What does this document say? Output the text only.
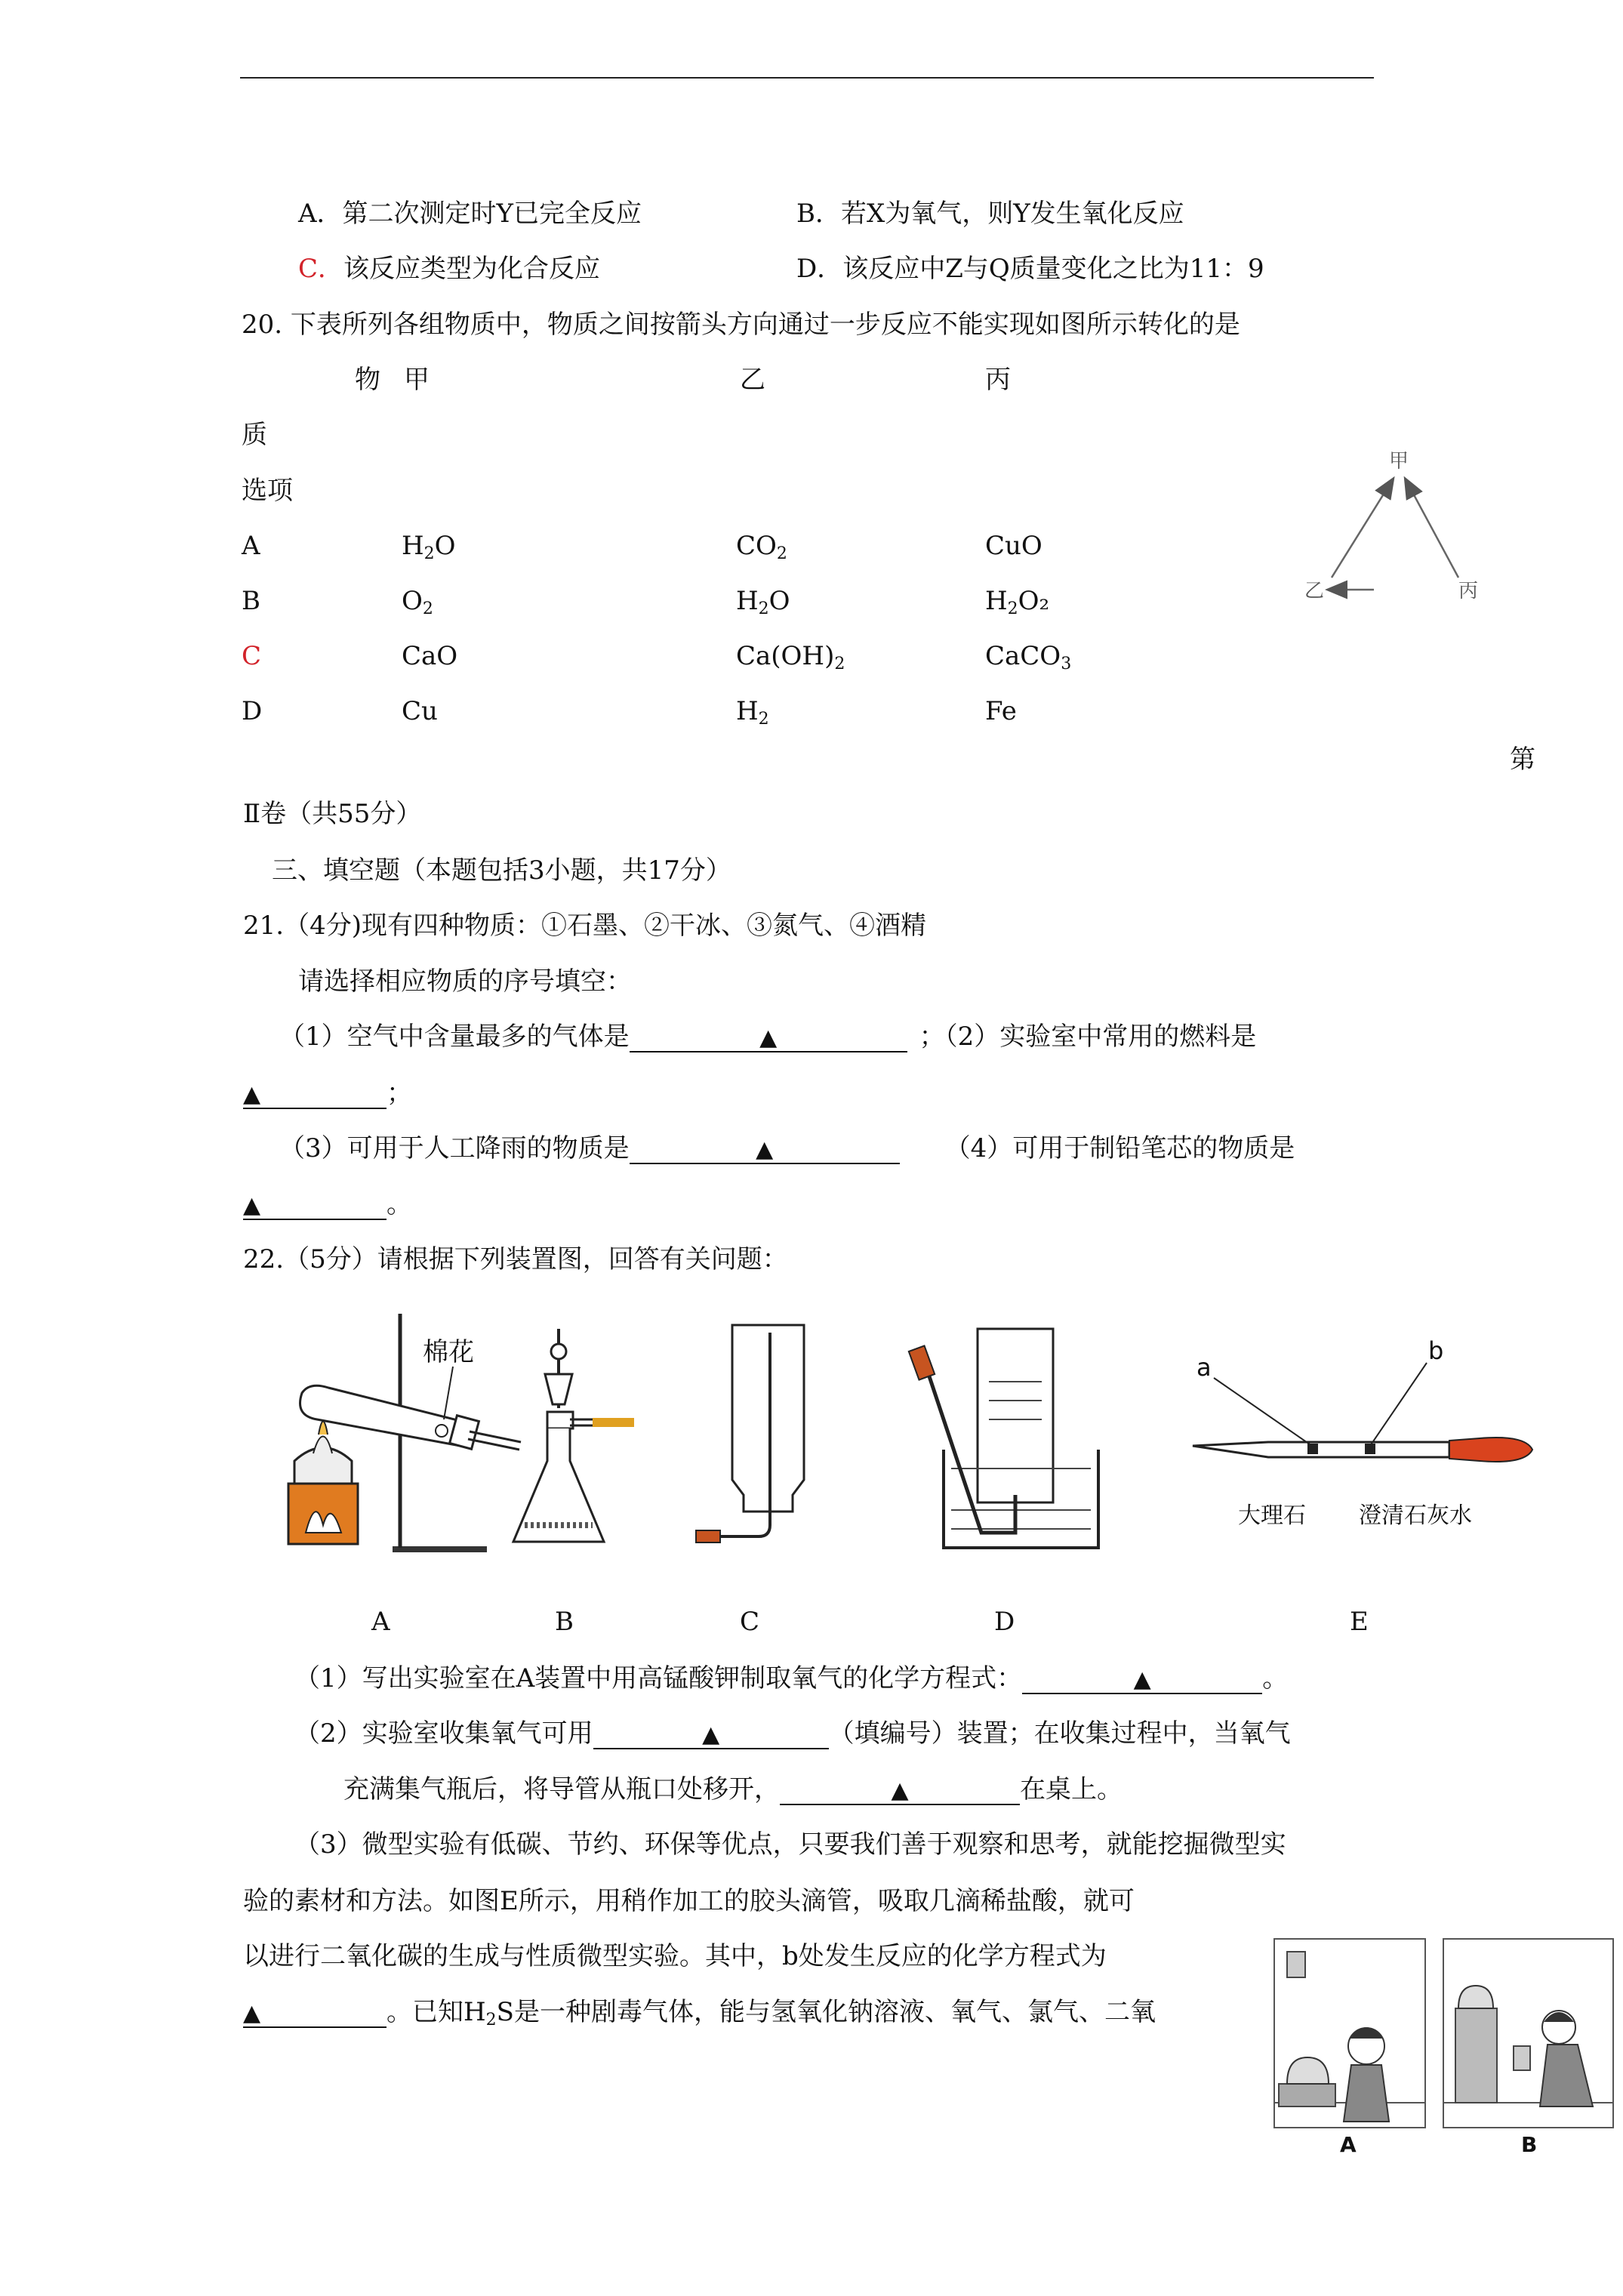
A．第二次测定时Y已完全反应	B．若X为氧气，则Y发生氧化反应
C．该反应类型为化合反应	D．该反应中Z与Q质量变化之比为11：9
20. 下表所列各组物质中，物质之间按箭头方向通过一步反应不能实现如图所示转化的是
物 甲	乙	丙
质
选项
A	$H_2O$	$CO_2$	CuO
B	$O_2$	$H_2O$	$H_2O_2$
C	CaO	$Ca(OH)_2$	CaCO$_3$
D	Cu	$H_2$	Fe
甲
乙	丙
第
Ⅱ卷（共55分）
三、填空题（本题包括3小题，共17分）
21.（4分)现有四种物质：①石墨、②干冰、③氮气、④酒精
请选择相应物质的序号填空：
（1）空气中含量最多的气体是	▲	；（2）实验室中常用的燃料是
▲	；
（3）可用于人工降雨的物质是	▲	（4）可用于制铅笔芯的物质是
▲	。
22.（5分）请根据下列装置图，回答有关问题：
棉花	a
b
大理石 澄清石灰水
A	B	C	D	E
（1）写出实验室在A装置中用高锰酸钾制取氧气的化学方程式：	▲	。
（2）实验室收集氧气可用	▲	（填编号）装置；在收集过程中，当氧气
充满集气瓶后，将导管从瓶口处移开，	▲	在桌上。
（3）微型实验有低碳、节约、环保等优点，只要我们善于观察和思考，就能挖掘微型实
验的素材和方法。如图E所示，用稍作加工的胶头滴管，吸取几滴稀盐酸，就可
以进行二氧化碳的生成与性质微型实验。其中，b处发生反应的化学方程式为
▲	。已知$H_2S$是一种剧毒气体，能与氢氧化钠溶液、氧气、氯气、二氧
A	B
